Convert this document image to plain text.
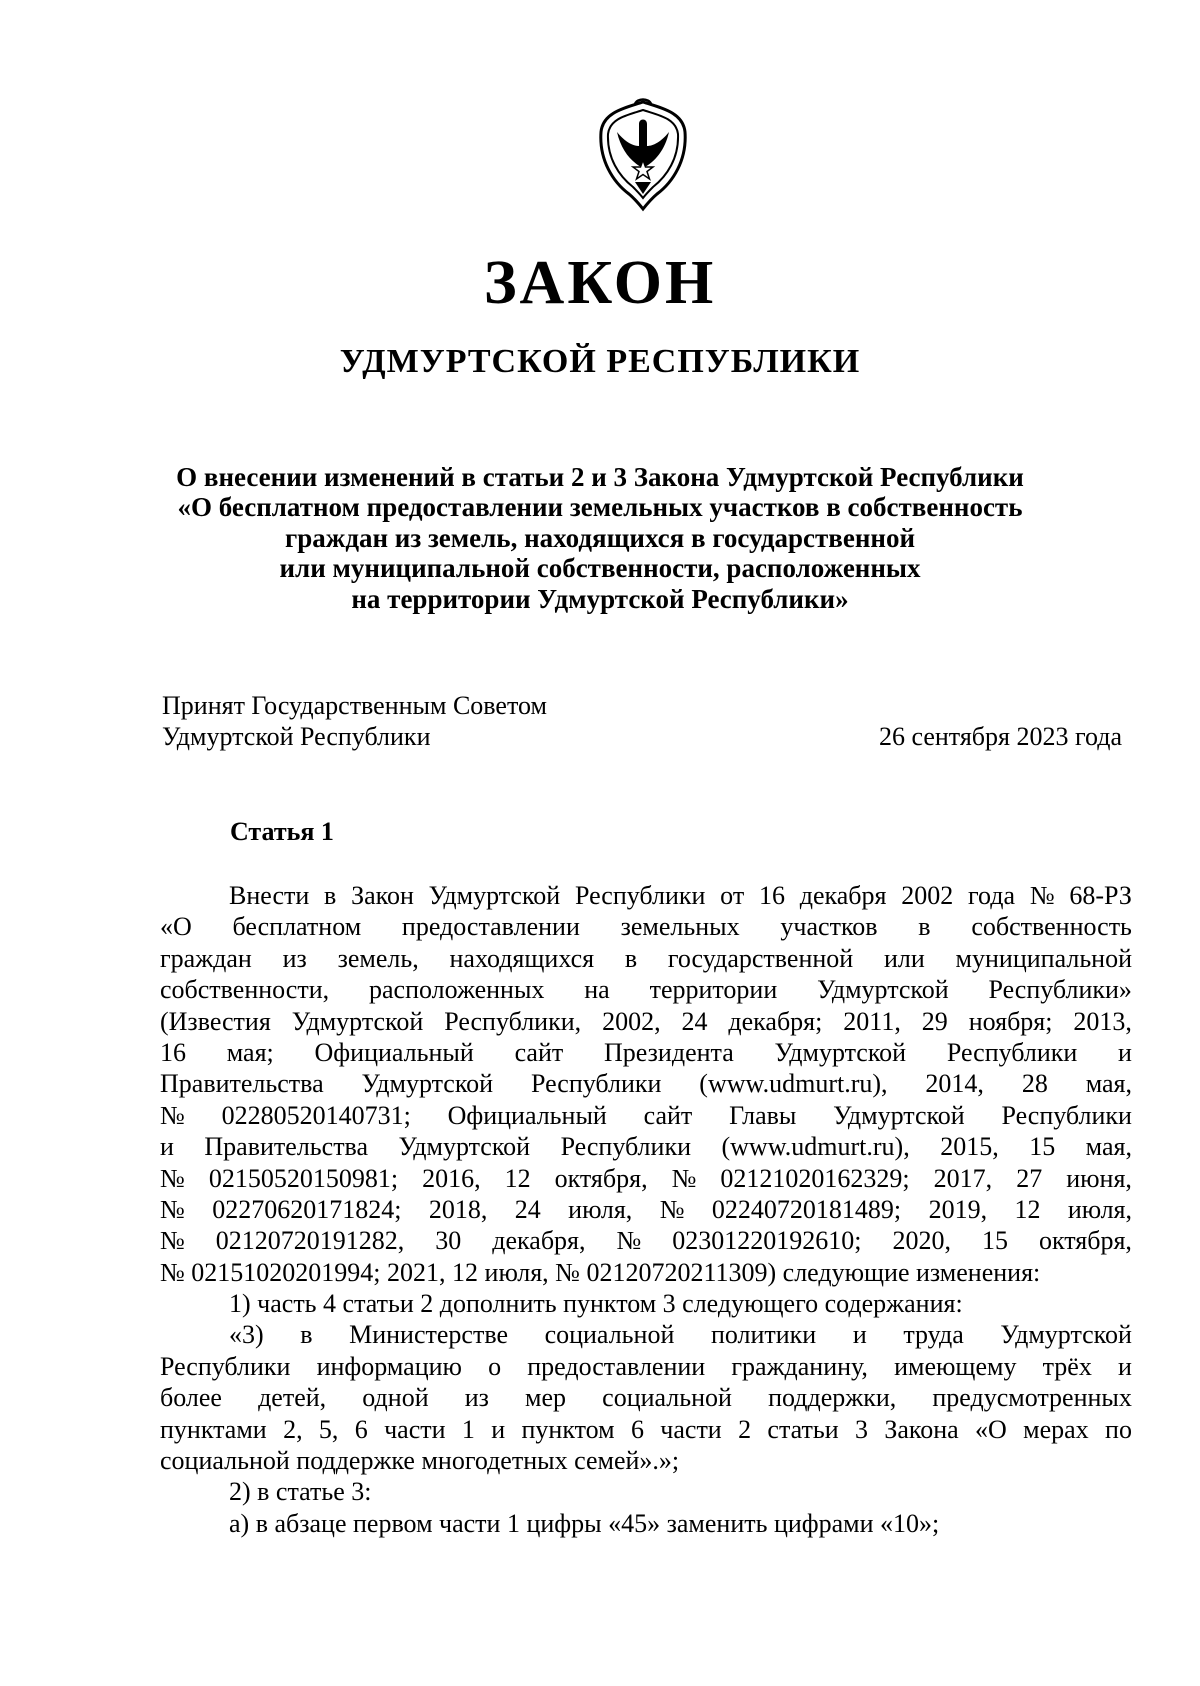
ЗАКОН
УДМУРТСКОЙ РЕСПУБЛИКИ
О внесении изменений в статьи 2 и 3 Закона Удмуртской Республики
«О бесплатном предоставлении земельных участков в собственность
граждан из земель, находящихся в государственной
или муниципальной собственности, расположенных
на территории Удмуртской Республики»
Принят Государственным Советом
Удмуртской Республики	26 сентября 2023 года
Статья 1
Внести в Закон Удмуртской Республики от 16 декабря 2002 года № 68-РЗ
«О бесплатном предоставлении земельных участков в собственность
граждан из земель, находящихся в государственной или муниципальной
собственности, расположенных на территории Удмуртской Республики»
(Известия Удмуртской Республики, 2002, 24 декабря; 2011, 29 ноября; 2013,
16 мая; Официальный сайт Президента Удмуртской Республики и
Правительства Удмуртской Республики (www.udmurt.ru), 2014, 28 мая,
№ 02280520140731; Официальный сайт Главы Удмуртской Республики
и Правительства Удмуртской Республики (www.udmurt.ru), 2015, 15 мая,
№ 02150520150981; 2016, 12 октября, № 02121020162329; 2017, 27 июня,
№ 02270620171824; 2018, 24 июля, № 02240720181489; 2019, 12 июля,
№ 02120720191282, 30 декабря, № 02301220192610; 2020, 15 октября,
№ 02151020201994; 2021, 12 июля, № 02120720211309) следующие изменения:
1) часть 4 статьи 2 дополнить пунктом 3 следующего содержания:
«3) в Министерстве социальной политики и труда Удмуртской
Республики информацию о предоставлении гражданину, имеющему трёх и
более детей, одной из мер социальной поддержки, предусмотренных
пунктами 2, 5, 6 части 1 и пунктом 6 части 2 статьи 3 Закона «О мерах по
социальной поддержке многодетных семей».»;
2) в статье 3:
а) в абзаце первом части 1 цифры «45» заменить цифрами «10»;
